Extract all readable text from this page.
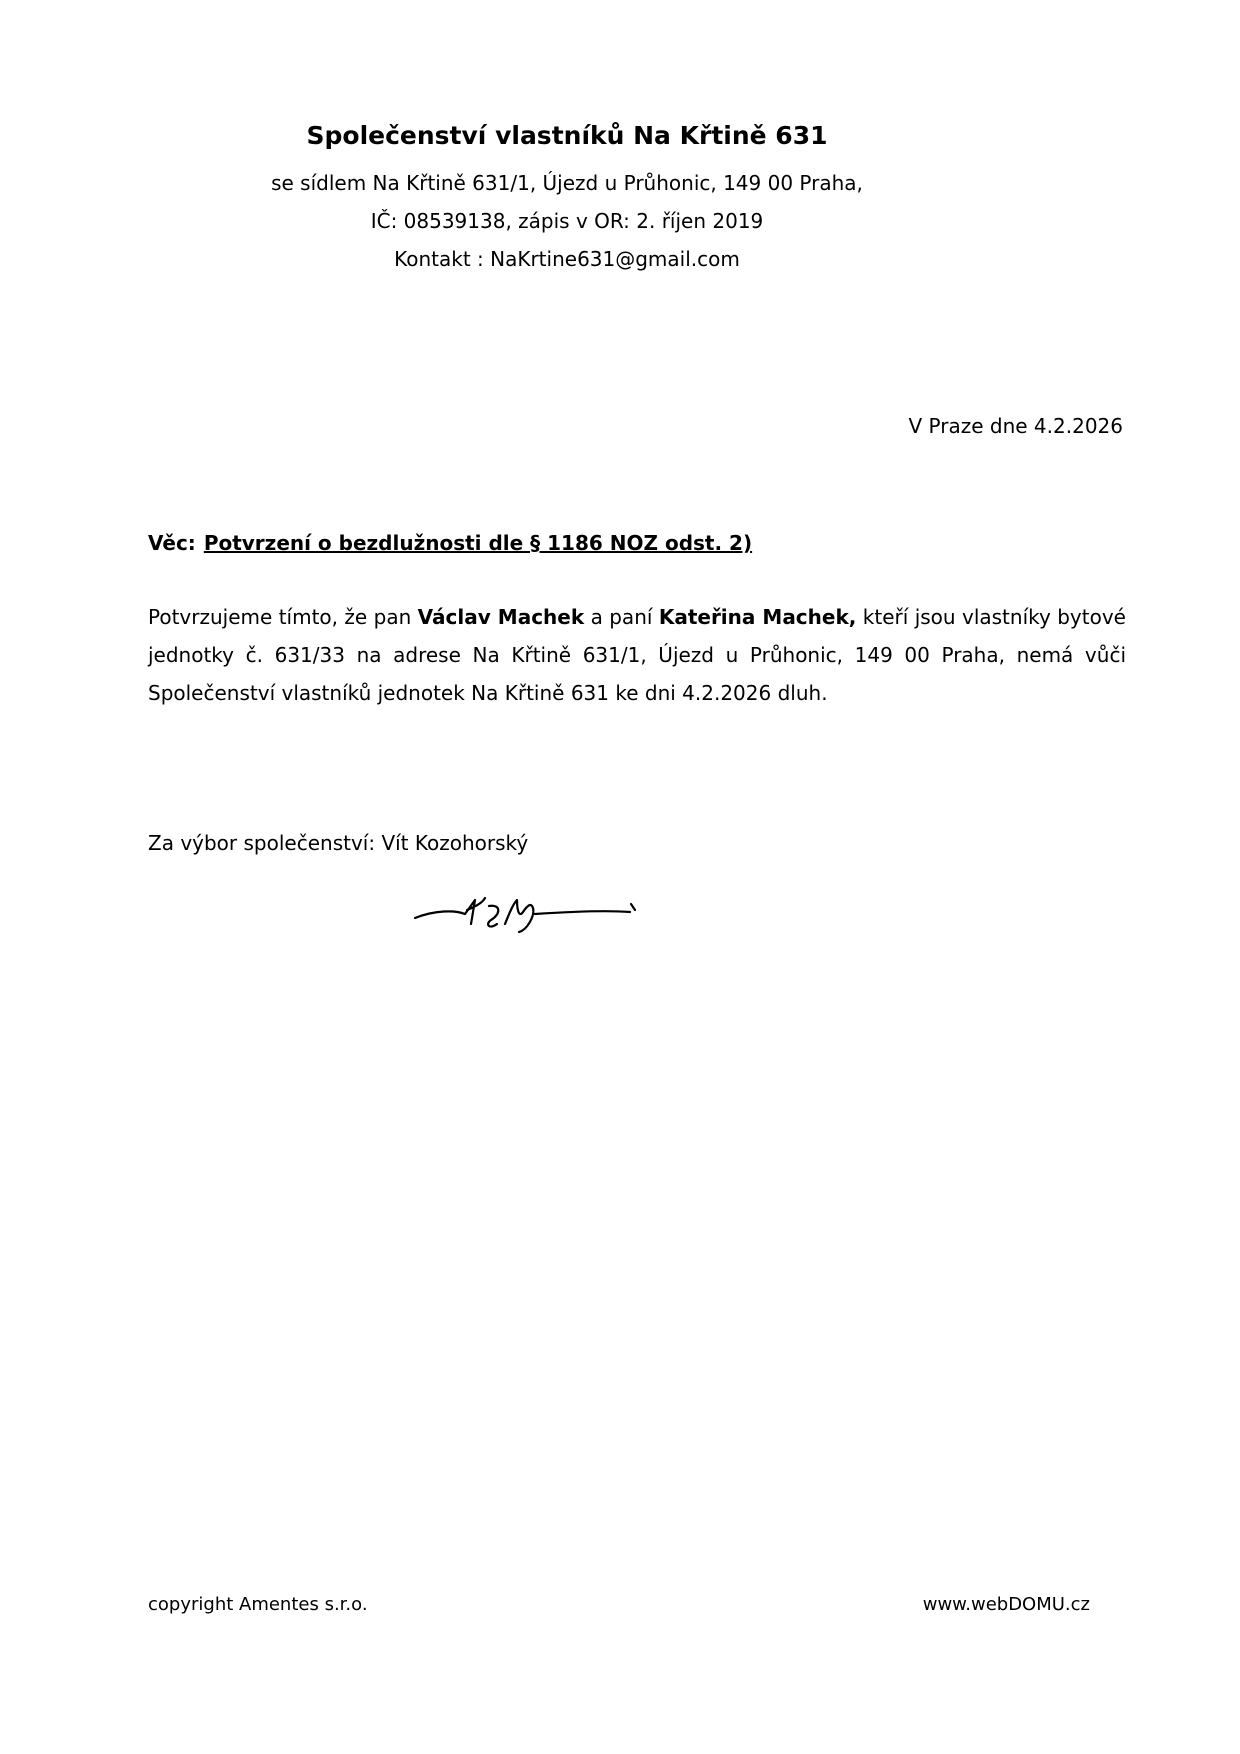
Společenství vlastníků Na Křtině 631

se sídlem Na Křtině 631/1, Újezd u Průhonic, 149 00 Praha,

IČ: 08539138, zápis v OR: 2. říjen 2019

Kontakt : NaKrtine631@gmail.com

V Praze dne 4.2.2026
Věc: Potvrzení o bezdlužnosti dle § 1186 NOZ odst. 2)

Potvrzujeme tímto, že pan Václav Machek a paní Kateřina Machek, kteří jsou vlastníky bytové jednotky č. 631/33 na adrese Na Křtině 631/1, Újezd u Průhonic, 149 00 Praha, nemá vůči Společenství vlastníků jednotek Na Křtině 631 ke dni 4.2.2026 dluh.

Za výbor společenství: Vít Kozohorský
copyright Amentes s.r.o.	www.webDOMU.cz
